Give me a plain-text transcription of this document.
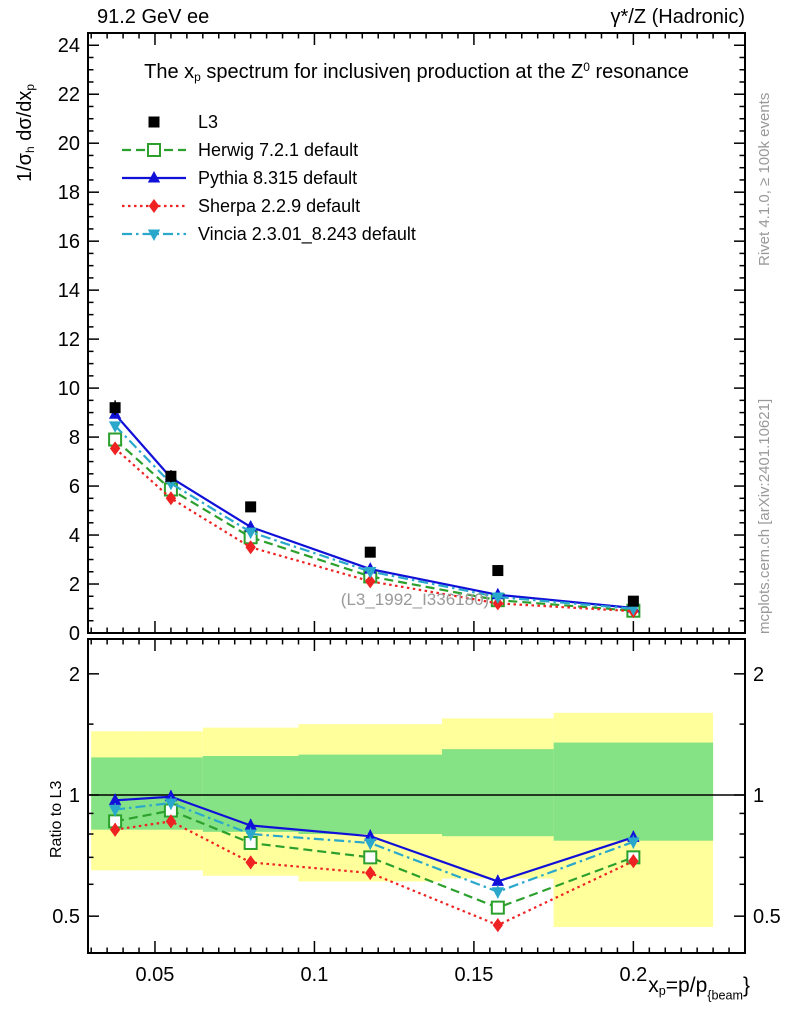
0
2
4
6
8
10
12
14
16
18
20
22
24
0.5	0.5
1	1
2	2
0.05	0.1	0.15	0.2
91.2 GeV ee	γ*/Z (Hadronic)
The xp spectrum for inclusiveη production at the $Z^0$ resonance
1/σh dσ/dxp
Ratio to L3
Rivet 4.1.0, ≥ 100k events
mcplots.cern.ch [arXiv:2401.10621]
(L3_1992_I336180)
$xp=p/p_{\{beam}$}
L3
Herwig 7.2.1 default
Pythia 8.315 default
Sherpa 2.2.9 default
Vincia 2.3.01_8.243 default
